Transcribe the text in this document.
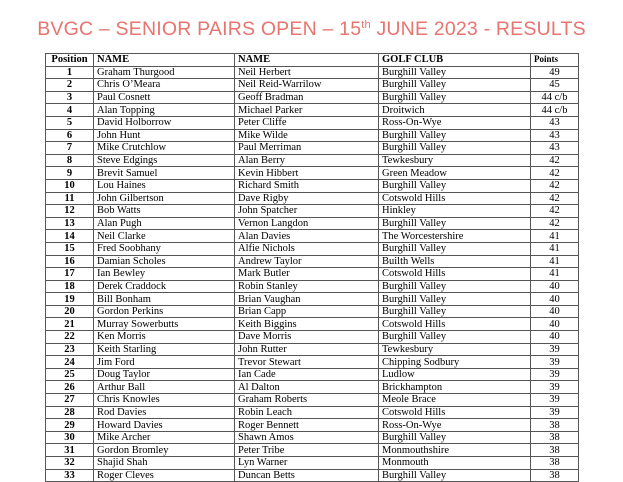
BVGC – SENIOR PAIRS OPEN – 15th JUNE 2023 - RESULTS
Position	NAME	NAME	GOLF CLUB	Points
1	Graham Thurgood	Neil Herbert	Burghill Valley	49
2	Chris O’Meara	Neil Reid-Warrilow	Burghill Valley	45
3	Paul Cosnett	Geoff Bradman	Burghill Valley	44 c/b
4	Alan Topping	Michael Parker	Droitwich	44 c/b
5	David Holborrow	Peter Cliffe	Ross-On-Wye	43
6	John Hunt	Mike Wilde	Burghill Valley	43
7	Mike Crutchlow	Paul Merriman	Burghill Valley	43
8	Steve Edgings	Alan Berry	Tewkesbury	42
9	Brevit Samuel	Kevin Hibbert	Green Meadow	42
10	Lou Haines	Richard Smith	Burghill Valley	42
11	John Gilbertson	Dave Rigby	Cotswold Hills	42
12	Bob Watts	John Spatcher	Hinkley	42
13	Alan Pugh	Vernon Langdon	Burghill Valley	42
14	Neil Clarke	Alan Davies	The Worcestershire	41
15	Fred Soobhany	Alfie Nichols	Burghill Valley	41
16	Damian Scholes	Andrew Taylor	Builth Wells	41
17	Ian Bewley	Mark Butler	Cotswold Hills	41
18	Derek Craddock	Robin Stanley	Burghill Valley	40
19	Bill Bonham	Brian Vaughan	Burghill Valley	40
20	Gordon Perkins	Brian Capp	Burghill Valley	40
21	Murray Sowerbutts	Keith Biggins	Cotswold Hills	40
22	Ken Morris	Dave Morris	Burghill Valley	40
23	Keith Starling	John Rutter	Tewkesbury	39
24	Jim Ford	Trevor Stewart	Chipping Sodbury	39
25	Doug Taylor	Ian Cade	Ludlow	39
26	Arthur Ball	Al Dalton	Brickhampton	39
27	Chris Knowles	Graham Roberts	Meole Brace	39
28	Rod Davies	Robin Leach	Cotswold Hills	39
29	Howard Davies	Roger Bennett	Ross-On-Wye	38
30	Mike Archer	Shawn Amos	Burghill Valley	38
31	Gordon Bromley	Peter Tribe	Monmouthshire	38
32	Shajid Shah	Lyn Warner	Monmouth	38
33	Roger Cleves	Duncan Betts	Burghill Valley	38
